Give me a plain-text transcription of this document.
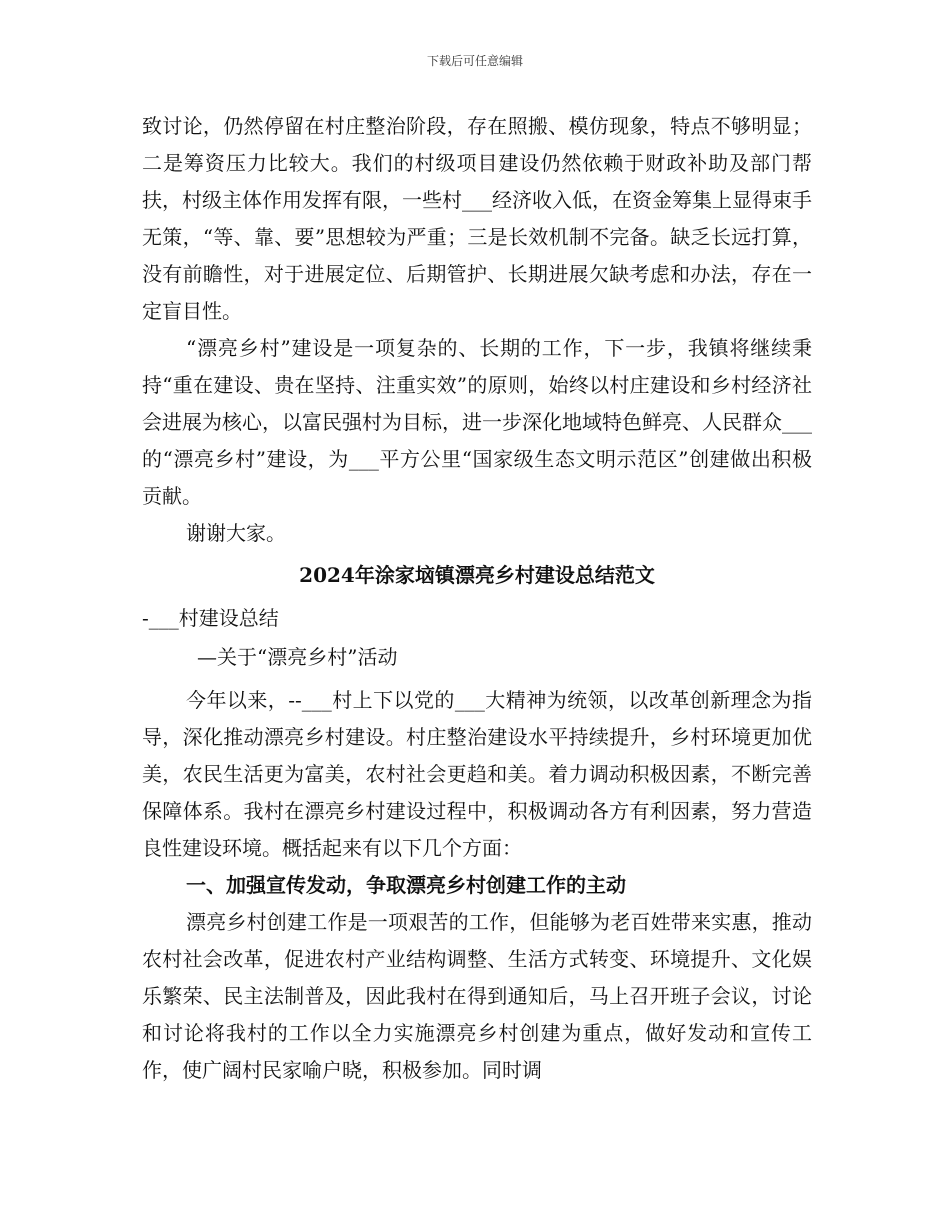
下载后可任意编辑

致讨论，仍然停留在村庄整治阶段，存在照搬、模仿现象，特点不够明显；二是筹资压力比较大。我们的村级项目建设仍然依赖于财政补助及部门帮扶，村级主体作用发挥有限，一些村___经济收入低，在资金筹集上显得束手无策，“等、靠、要”思想较为严重；三是长效机制不完备。缺乏长远打算，没有前瞻性，对于进展定位、后期管护、长期进展欠缺考虑和办法，存在一定盲目性。

“漂亮乡村”建设是一项复杂的、长期的工作，下一步，我镇将继续秉持“重在建设、贵在坚持、注重实效”的原则，始终以村庄建设和乡村经济社会进展为核心，以富民强村为目标，进一步深化地域特色鲜亮、人民群众___的“漂亮乡村”建设，为___平方公里“国家级生态文明示范区”创建做出积极贡献。

谢谢大家。

2024年涂家垴镇漂亮乡村建设总结范文

-___村建设总结

—关于“漂亮乡村”活动

今年以来，--___村上下以党的___大精神为统领，以改革创新理念为指导，深化推动漂亮乡村建设。村庄整治建设水平持续提升，乡村环境更加优美，农民生活更为富美，农村社会更趋和美。着力调动积极因素，不断完善保障体系。我村在漂亮乡村建设过程中，积极调动各方有利因素，努力营造良性建设环境。概括起来有以下几个方面：

一、加强宣传发动，争取漂亮乡村创建工作的主动

漂亮乡村创建工作是一项艰苦的工作，但能够为老百姓带来实惠，推动农村社会改革，促进农村产业结构调整、生活方式转变、环境提升、文化娱乐繁荣、民主法制普及，因此我村在得到通知后，马上召开班子会议，讨论和讨论将我村的工作以全力实施漂亮乡村创建为重点，做好发动和宣传工作，使广阔村民家喻户晓，积极参加。同时调
